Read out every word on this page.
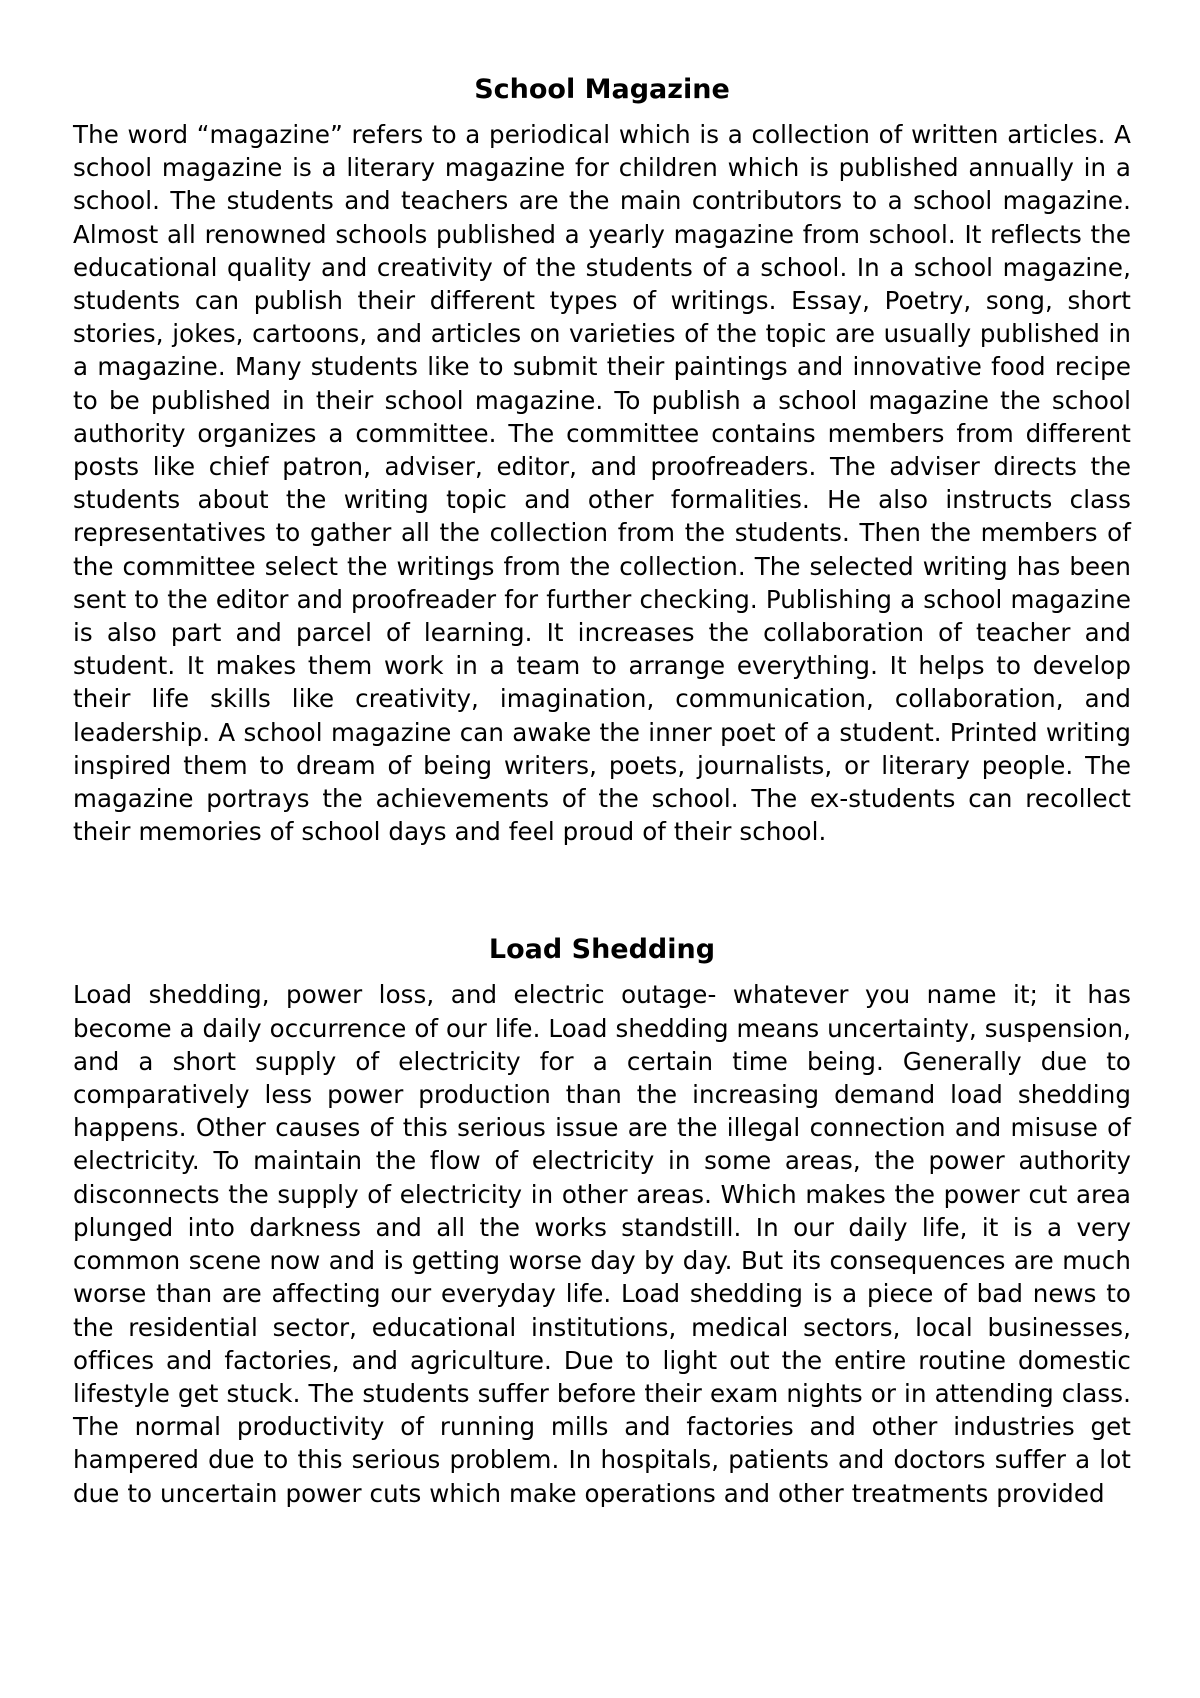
School Magazine

The word “magazine” refers to a periodical which is a collection of written articles. A school magazine is a literary magazine for children which is published annually in a school. The students and teachers are the main contributors to a school magazine. Almost all renowned schools published a yearly magazine from school. It reflects the educational quality and creativity of the students of a school. In a school magazine, students can publish their different types of writings. Essay, Poetry, song, short stories, jokes, cartoons, and articles on varieties of the topic are usually published in a magazine. Many students like to submit their paintings and innovative food recipe to be published in their school magazine. To publish a school magazine the school authority organizes a committee. The committee contains members from different posts like chief patron, adviser, editor, and proofreaders. The adviser directs the students about the writing topic and other formalities. He also instructs class representatives to gather all the collection from the students. Then the members of the committee select the writings from the collection. The selected writing has been sent to the editor and proofreader for further checking. Publishing a school magazine is also part and parcel of learning. It increases the collaboration of teacher and student. It makes them work in a team to arrange everything. It helps to develop their life skills like creativity, imagination, communication, collaboration, and leadership. A school magazine can awake the inner poet of a student. Printed writing inspired them to dream of being writers, poets, journalists, or literary people. The magazine portrays the achievements of the school. The ex-students can recollect their memories of school days and feel proud of their school.

Load Shedding

Load shedding, power loss, and electric outage- whatever you name it; it has become a daily occurrence of our life. Load shedding means uncertainty, suspension, and a short supply of electricity for a certain time being. Generally due to comparatively less power production than the increasing demand load shedding happens. Other causes of this serious issue are the illegal connection and misuse of electricity. To maintain the flow of electricity in some areas, the power authority disconnects the supply of electricity in other areas. Which makes the power cut area plunged into darkness and all the works standstill. In our daily life, it is a very common scene now and is getting worse day by day. But its consequences are much worse than are affecting our everyday life. Load shedding is a piece of bad news to the residential sector, educational institutions, medical sectors, local businesses, offices and factories, and agriculture. Due to light out the entire routine domestic lifestyle get stuck. The students suffer before their exam nights or in attending class. The normal productivity of running mills and factories and other industries get hampered due to this serious problem. In hospitals, patients and doctors suffer a lot due to uncertain power cuts which make operations and other treatments provided
